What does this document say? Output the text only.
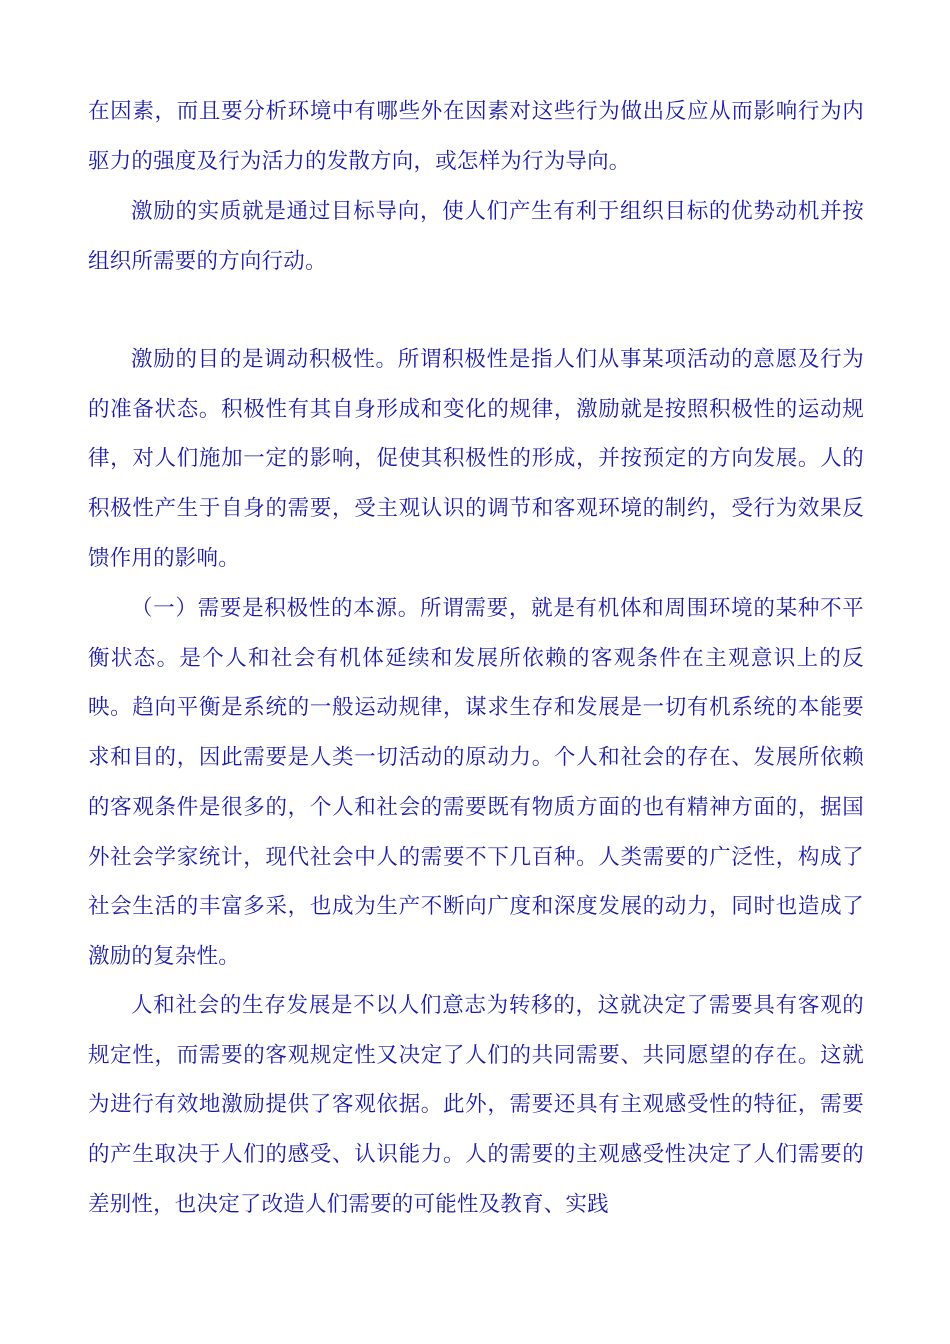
在因素，而且要分析环境中有哪些外在因素对这些行为做出反应从而影响行为内驱力的强度及行为活力的发散方向，或怎样为行为导向。

激励的实质就是通过目标导向，使人们产生有利于组织目标的优势动机并按组织所需要的方向行动。

激励的目的是调动积极性。所谓积极性是指人们从事某项活动的意愿及行为的准备状态。积极性有其自身形成和变化的规律，激励就是按照积极性的运动规律，对人们施加一定的影响，促使其积极性的形成，并按预定的方向发展。人的积极性产生于自身的需要，受主观认识的调节和客观环境的制约，受行为效果反馈作用的影响。

（一）需要是积极性的本源。所谓需要，就是有机体和周围环境的某种不平衡状态。是个人和社会有机体延续和发展所依赖的客观条件在主观意识上的反映。趋向平衡是系统的一般运动规律，谋求生存和发展是一切有机系统的本能要求和目的，因此需要是人类一切活动的原动力。个人和社会的存在、发展所依赖的客观条件是很多的，个人和社会的需要既有物质方面的也有精神方面的，据国外社会学家统计，现代社会中人的需要不下几百种。人类需要的广泛性，构成了社会生活的丰富多采，也成为生产不断向广度和深度发展的动力，同时也造成了激励的复杂性。

人和社会的生存发展是不以人们意志为转移的，这就决定了需要具有客观的规定性，而需要的客观规定性又决定了人们的共同需要、共同愿望的存在。这就为进行有效地激励提供了客观依据。此外，需要还具有主观感受性的特征，需要的产生取决于人们的感受、认识能力。人的需要的主观感受性决定了人们需要的差别性，也决定了改造人们需要的可能性及教育、实践
